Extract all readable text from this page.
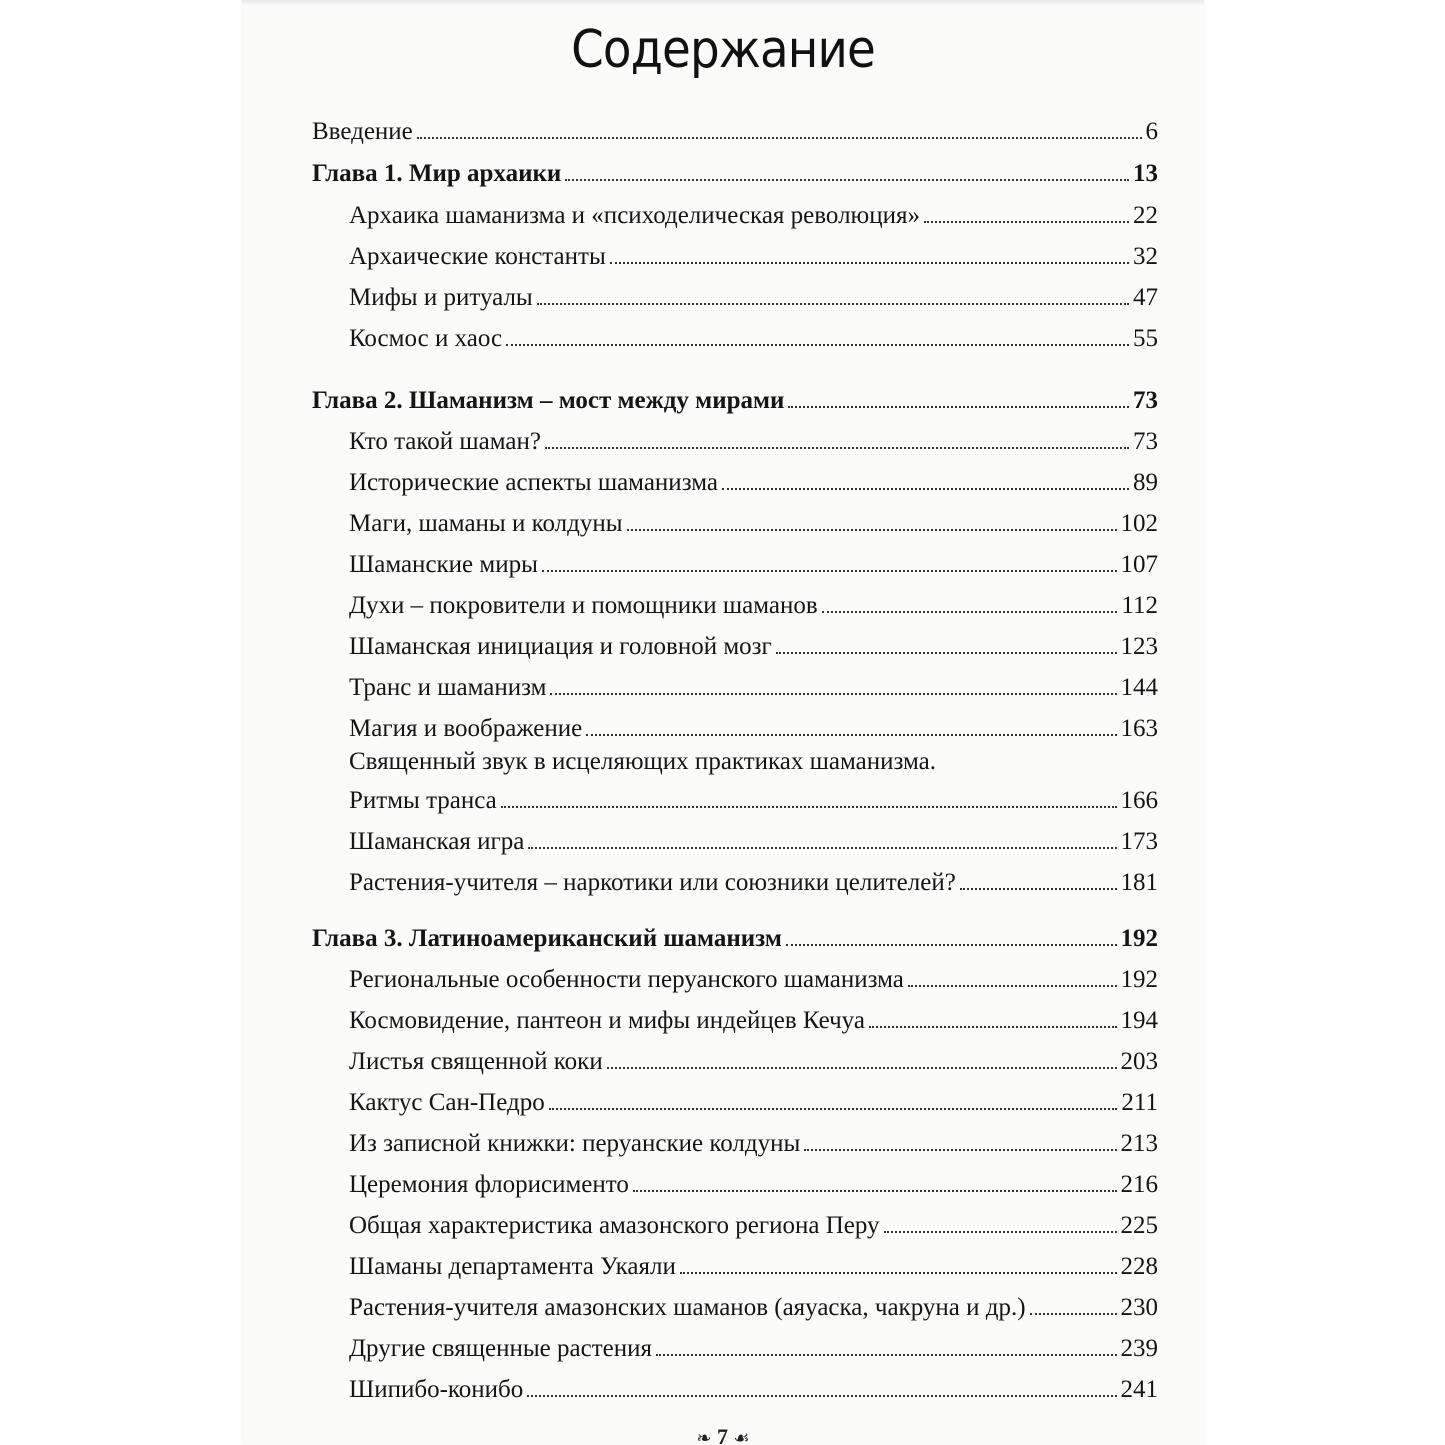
Содержание
Введение	6
Глава 1. Мир архаики	13
Архаика шаманизма и «психоделическая революция»	22
Архаические константы	32
Мифы и ритуалы	47
Космос и хаос	55
Глава 2. Шаманизм – мост между мирами	73
Кто такой шаман?	73
Исторические аспекты шаманизма	89
Маги, шаманы и колдуны	102
Шаманские миры	107
Духи – покровители и помощники шаманов	112
Шаманская инициация и головной мозг	123
Транс и шаманизм	144
Магия и воображение	163
Священный звук в исцеляющих практиках шаманизма.
Ритмы транса	166
Шаманская игра	173
Растения-учителя – наркотики или союзники целителей?	181
Глава 3. Латиноамериканский шаманизм	192
Региональные особенности перуанского шаманизма	192
Космовидение, пантеон и мифы индейцев Кечуа	194
Листья священной коки	203
Кактус Сан-Педро	211
Из записной книжки: перуанские колдуны	213
Церемония флорисименто	216
Общая характеристика амазонского региона Перу	225
Шаманы департамента Укаяли	228
Растения-учителя амазонских шаманов (аяуаска, чакруна и др.)	230
Другие священные растения	239
Шипибо-конибо	241
❧ 7 ☙
